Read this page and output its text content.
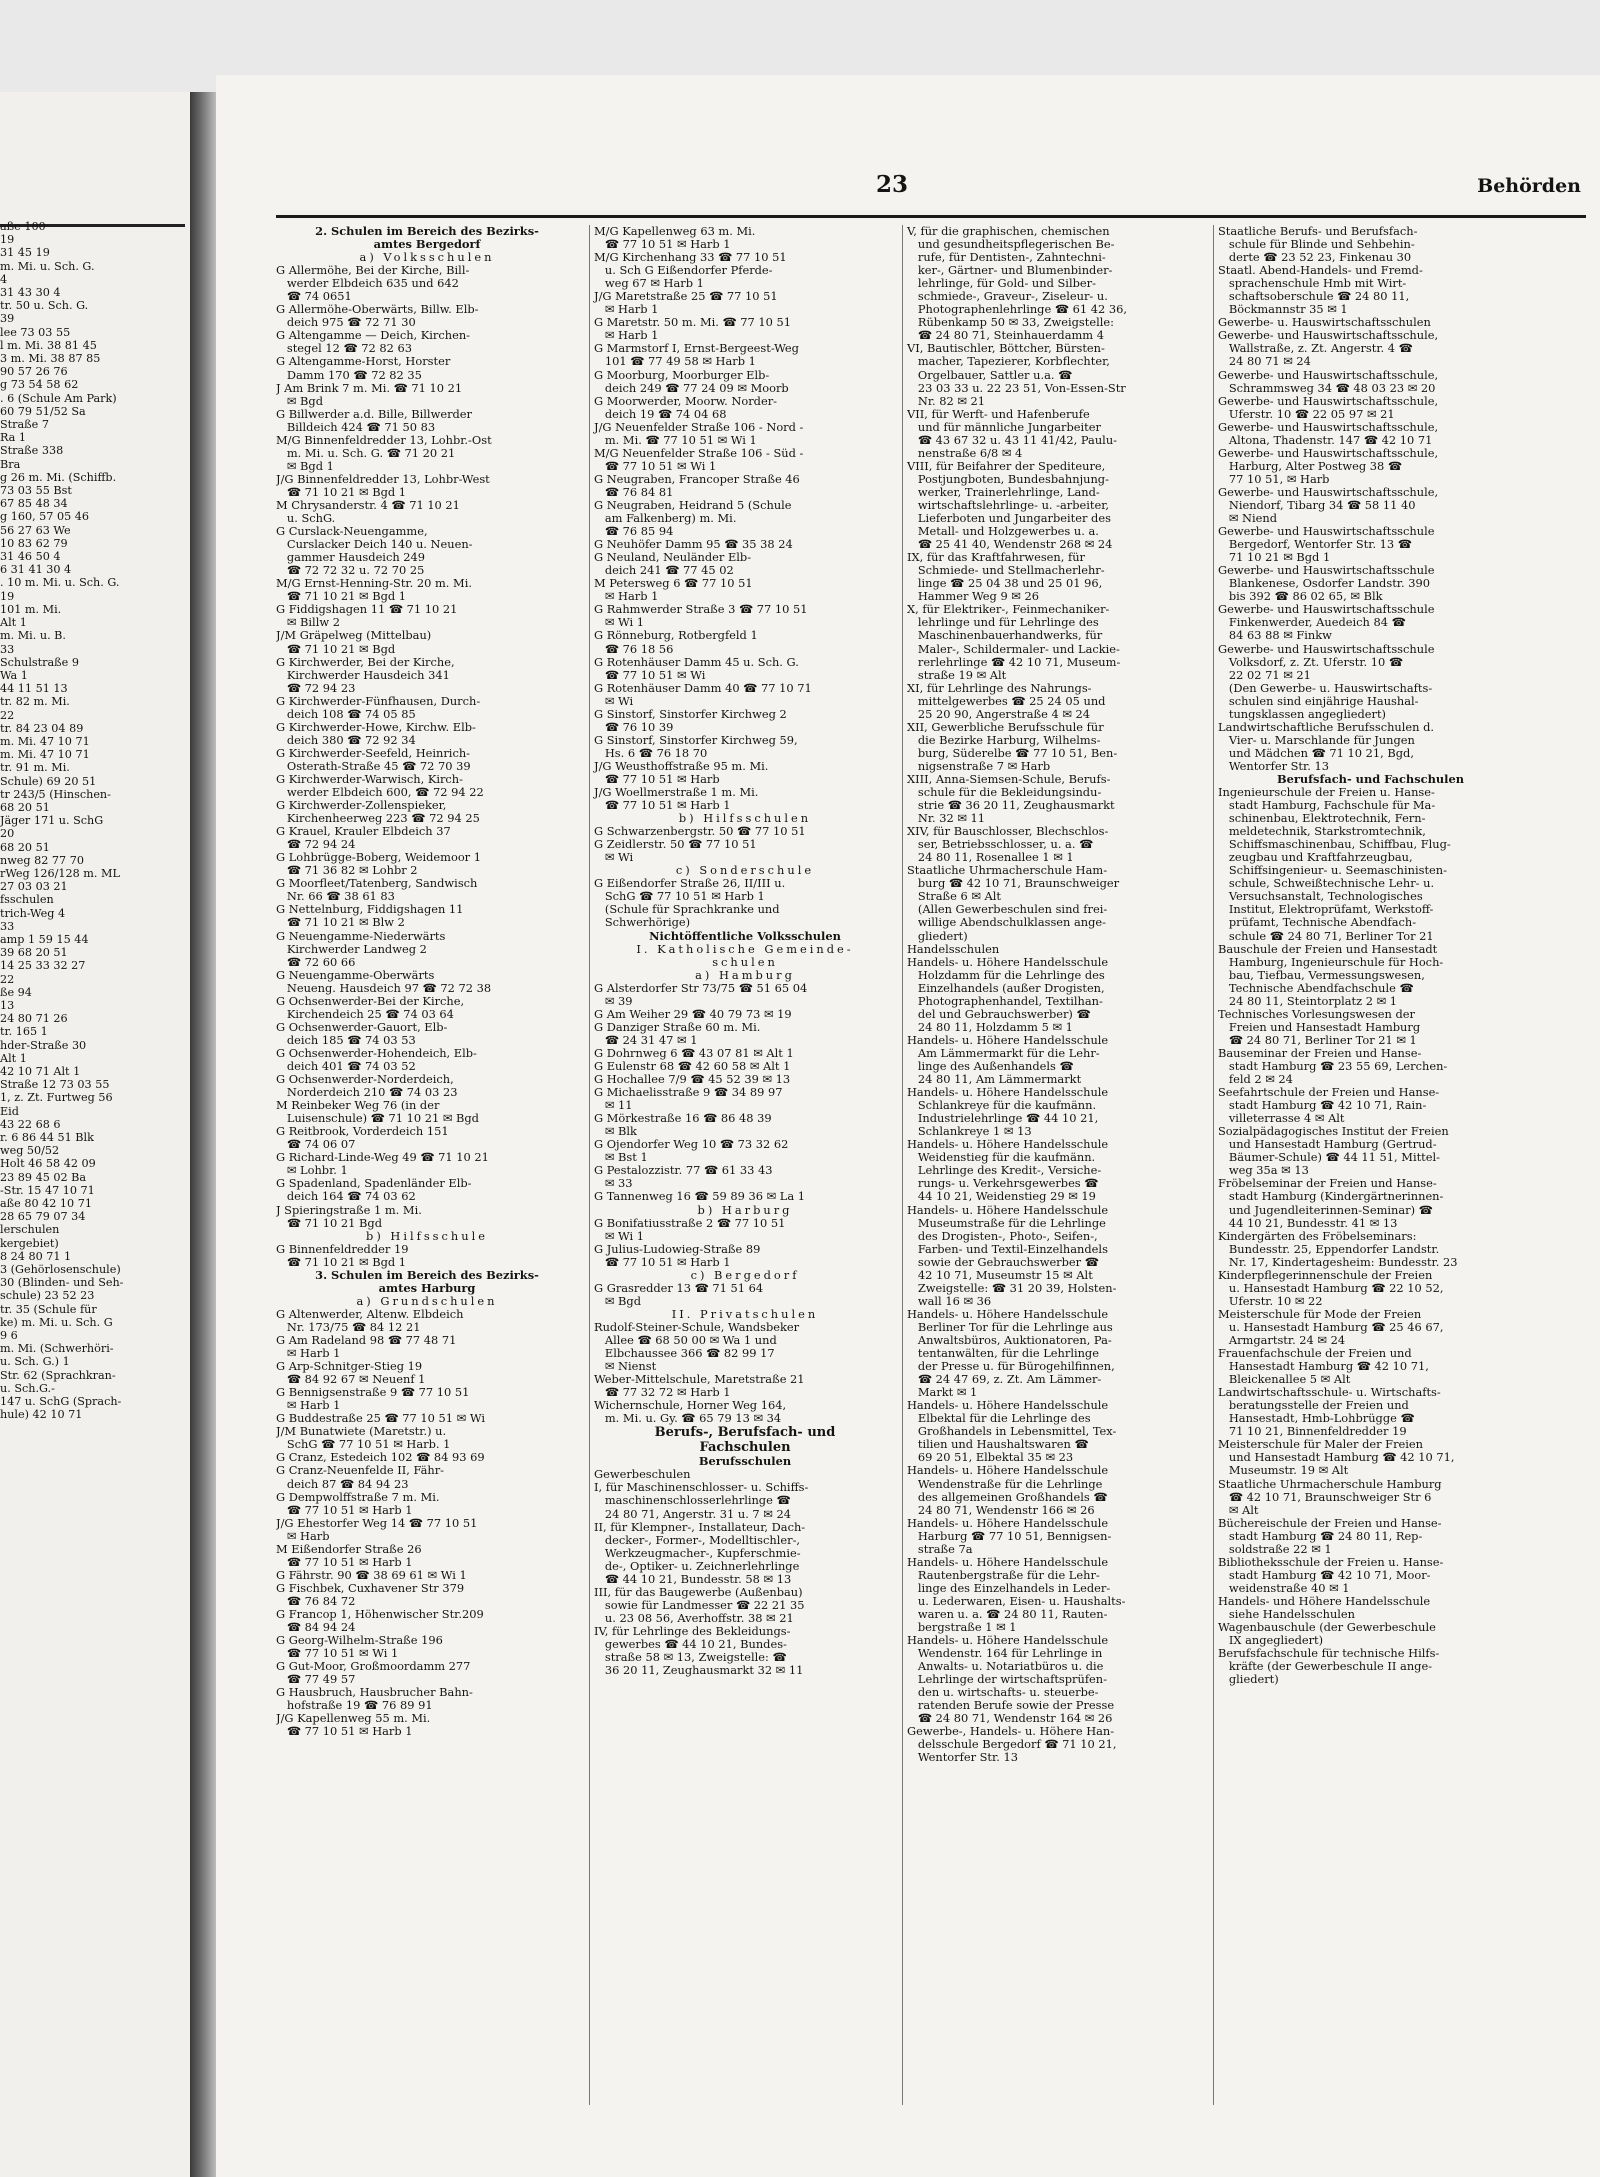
aße 100
19
31 45 19
m. Mi. u. Sch. G.
4
31 43 30 4
tr. 50 u. Sch. G.
39
lee 73 03 55
l m. Mi. 38 81 45
3 m. Mi. 38 87 85
90 57 26 76
g 73 54 58 62
. 6 (Schule Am Park)
60 79 51/52 Sa
Straße 7
Ra 1
Straße 338
Bra
g 26 m. Mi. (Schiffb.
73 03 55 Bst
67 85 48 34
g 160, 57 05 46
56 27 63 We
10 83 62 79
31 46 50 4
6 31 41 30 4
. 10 m. Mi. u. Sch. G.
19
101 m. Mi.
Alt 1
m. Mi. u. B.
33
Schulstraße 9
Wa 1
44 11 51 13
tr. 82 m. Mi.
22
tr. 84 23 04 89
m. Mi. 47 10 71
m. Mi. 47 10 71
tr. 91 m. Mi.
Schule) 69 20 51
tr 243/5 (Hinschen-
68 20 51
Jäger 171 u. SchG
20
68 20 51
nweg 82 77 70
rWeg 126/128 m. ML
27 03 03 21
fsschulen
trich-Weg 4
33
amp 1 59 15 44
39 68 20 51
14 25 33 32 27
22
ße 94
13
24 80 71 26
tr. 165 1
hder-Straße 30
Alt 1
42 10 71 Alt 1
Straße 12 73 03 55
1, z. Zt. Furtweg 56
Eid
43 22 68 6
r. 6 86 44 51 Blk
weg 50/52
Holt 46 58 42 09
23 89 45 02 Ba
-Str. 15 47 10 71
aße 80 42 10 71
28 65 79 07 34
lerschulen
kergebiet)
8 24 80 71 1
3 (Gehörlosenschule)
30 (Blinden- und Seh-
schule) 23 52 23
tr. 35 (Schule für
ke) m. Mi. u. Sch. G
9 6
m. Mi. (Schwerhöri-
u. Sch. G.) 1
Str. 62 (Sprachkran-
u. Sch.G.-
147 u. SchG (Sprach-
hule) 42 10 71
23	Behörden
2. Schulen im Bereich des Bezirks-
amtes Bergedorf
a) Volksschulen
G Allermöhe, Bei der Kirche, Bill-
werder Elbdeich 635 und 642
☎ 74 0651
G Allermöhe-Oberwärts, Billw. Elb-
deich 975 ☎ 72 71 30
G Altengamme — Deich, Kirchen-
stegel 12 ☎ 72 82 63
G Altengamme-Horst, Horster
Damm 170 ☎ 72 82 35
J Am Brink 7 m. Mi. ☎ 71 10 21
✉ Bgd
G Billwerder a.d. Bille, Billwerder
Billdeich 424 ☎ 71 50 83
M/G Binnenfeldredder 13, Lohbr.-Ost
m. Mi. u. Sch. G. ☎ 71 20 21
✉ Bgd 1
J/G Binnenfeldredder 13, Lohbr-West
☎ 71 10 21 ✉ Bgd 1
M Chrysanderstr. 4 ☎ 71 10 21
u. SchG.
G Curslack-Neuengamme,
Curslacker Deich 140 u. Neuen-
gammer Hausdeich 249
☎ 72 72 32 u. 72 70 25
M/G Ernst-Henning-Str. 20 m. Mi.
☎ 71 10 21 ✉ Bgd 1
G Fiddigshagen 11 ☎ 71 10 21
✉ Billw 2
J/M Gräpelweg (Mittelbau)
☎ 71 10 21 ✉ Bgd
G Kirchwerder, Bei der Kirche,
Kirchwerder Hausdeich 341
☎ 72 94 23
G Kirchwerder-Fünfhausen, Durch-
deich 108 ☎ 74 05 85
G Kirchwerder-Howe, Kirchw. Elb-
deich 380 ☎ 72 92 34
G Kirchwerder-Seefeld, Heinrich-
Osterath-Straße 45 ☎ 72 70 39
G Kirchwerder-Warwisch, Kirch-
werder Elbdeich 600, ☎ 72 94 22
G Kirchwerder-Zollenspieker,
Kirchenheerweg 223 ☎ 72 94 25
G Krauel, Krauler Elbdeich 37
☎ 72 94 24
G Lohbrügge-Boberg, Weidemoor 1
☎ 71 36 82 ✉ Lohbr 2
G Moorfleet/Tatenberg, Sandwisch
Nr. 66 ☎ 38 61 83
G Nettelnburg, Fiddigshagen 11
☎ 71 10 21 ✉ Blw 2
G Neuengamme-Niederwärts
Kirchwerder Landweg 2
☎ 72 60 66
G Neuengamme-Oberwärts
Neueng. Hausdeich 97 ☎ 72 72 38
G Ochsenwerder-Bei der Kirche,
Kirchendeich 25 ☎ 74 03 64
G Ochsenwerder-Gauort, Elb-
deich 185 ☎ 74 03 53
G Ochsenwerder-Hohendeich, Elb-
deich 401 ☎ 74 03 52
G Ochsenwerder-Norderdeich,
Norderdeich 210 ☎ 74 03 23
M Reinbeker Weg 76 (in der
Luisenschule) ☎ 71 10 21 ✉ Bgd
G Reitbrook, Vorderdeich 151
☎ 74 06 07
G Richard-Linde-Weg 49 ☎ 71 10 21
✉ Lohbr. 1
G Spadenland, Spadenländer Elb-
deich 164 ☎ 74 03 62
J Spieringstraße 1 m. Mi.
☎ 71 10 21 Bgd
b) Hilfsschule
G Binnenfeldredder 19
☎ 71 10 21 ✉ Bgd 1
3. Schulen im Bereich des Bezirks-
amtes Harburg
a) Grundschulen
G Altenwerder, Altenw. Elbdeich
Nr. 173/75 ☎ 84 12 21
G Am Radeland 98 ☎ 77 48 71
✉ Harb 1
G Arp-Schnitger-Stieg 19
☎ 84 92 67 ✉ Neuenf 1
G Bennigsenstraße 9 ☎ 77 10 51
✉ Harb 1
G Buddestraße 25 ☎ 77 10 51 ✉ Wi
J/M Bunatwiete (Maretstr.) u.
SchG ☎ 77 10 51 ✉ Harb. 1
G Cranz, Estedeich 102 ☎ 84 93 69
G Cranz-Neuenfelde II, Fähr-
deich 87 ☎ 84 94 23
G Dempwolffstraße 7 m. Mi.
☎ 77 10 51 ✉ Harb 1
J/G Ehestorfer Weg 14 ☎ 77 10 51
✉ Harb
M Eißendorfer Straße 26
☎ 77 10 51 ✉ Harb 1
G Fährstr. 90 ☎ 38 69 61 ✉ Wi 1
G Fischbek, Cuxhavener Str 379
☎ 76 84 72
G Francop 1, Höhenwischer Str.209
☎ 84 94 24
G Georg-Wilhelm-Straße 196
☎ 77 10 51 ✉ Wi 1
G Gut-Moor, Großmoordamm 277
☎ 77 49 57
G Hausbruch, Hausbrucher Bahn-
hofstraße 19 ☎ 76 89 91
J/G Kapellenweg 55 m. Mi.
☎ 77 10 51 ✉ Harb 1
M/G Kapellenweg 63 m. Mi.
☎ 77 10 51 ✉ Harb 1
M/G Kirchenhang 33 ☎ 77 10 51
u. Sch G Eißendorfer Pferde-
weg 67 ✉ Harb 1
J/G Maretstraße 25 ☎ 77 10 51
✉ Harb 1
G Maretstr. 50 m. Mi. ☎ 77 10 51
✉ Harb 1
G Marmstorf I, Ernst-Bergeest-Weg
101 ☎ 77 49 58 ✉ Harb 1
G Moorburg, Moorburger Elb-
deich 249 ☎ 77 24 09 ✉ Moorb
G Moorwerder, Moorw. Norder-
deich 19 ☎ 74 04 68
J/G Neuenfelder Straße 106 - Nord -
m. Mi. ☎ 77 10 51 ✉ Wi 1
M/G Neuenfelder Straße 106 - Süd -
☎ 77 10 51 ✉ Wi 1
G Neugraben, Francoper Straße 46
☎ 76 84 81
G Neugraben, Heidrand 5 (Schule
am Falkenberg) m. Mi.
☎ 76 85 94
G Neuhöfer Damm 95 ☎ 35 38 24
G Neuland, Neuländer Elb-
deich 241 ☎ 77 45 02
M Petersweg 6 ☎ 77 10 51
✉ Harb 1
G Rahmwerder Straße 3 ☎ 77 10 51
✉ Wi 1
G Rönneburg, Rotbergfeld 1
☎ 76 18 56
G Rotenhäuser Damm 45 u. Sch. G.
☎ 77 10 51 ✉ Wi
G Rotenhäuser Damm 40 ☎ 77 10 71
✉ Wi
G Sinstorf, Sinstorfer Kirchweg 2
☎ 76 10 39
G Sinstorf, Sinstorfer Kirchweg 59,
Hs. 6 ☎ 76 18 70
J/G Weusthoffstraße 95 m. Mi.
☎ 77 10 51 ✉ Harb
J/G Woellmerstraße 1 m. Mi.
☎ 77 10 51 ✉ Harb 1
b) Hilfsschulen
G Schwarzenbergstr. 50 ☎ 77 10 51
G Zeidlerstr. 50 ☎ 77 10 51
✉ Wi
c) Sonderschule
G Eißendorfer Straße 26, II/III u.
SchG ☎ 77 10 51 ✉ Harb 1
(Schule für Sprachkranke und
Schwerhörige)
Nichtöffentliche Volksschulen
I. Katholische Gemeinde-
schulen
a) Hamburg
G Alsterdorfer Str 73/75 ☎ 51 65 04
✉ 39
G Am Weiher 29 ☎ 40 79 73 ✉ 19
G Danziger Straße 60 m. Mi.
☎ 24 31 47 ✉ 1
G Dohrnweg 6 ☎ 43 07 81 ✉ Alt 1
G Eulenstr 68 ☎ 42 60 58 ✉ Alt 1
G Hochallee 7/9 ☎ 45 52 39 ✉ 13
G Michaelisstraße 9 ☎ 34 89 97
✉ 11
G Mörkestraße 16 ☎ 86 48 39
✉ Blk
G Ojendorfer Weg 10 ☎ 73 32 62
✉ Bst 1
G Pestalozzistr. 77 ☎ 61 33 43
✉ 33
G Tannenweg 16 ☎ 59 89 36 ✉ La 1
b) Harburg
G Bonifatiusstraße 2 ☎ 77 10 51
✉ Wi 1
G Julius-Ludowieg-Straße 89
☎ 77 10 51 ✉ Harb 1
c) Bergedorf
G Grasredder 13 ☎ 71 51 64
✉ Bgd
II. Privatschulen
Rudolf-Steiner-Schule, Wandsbeker
Allee ☎ 68 50 00 ✉ Wa 1 und
Elbchaussee 366 ☎ 82 99 17
✉ Nienst
Weber-Mittelschule, Maretstraße 21
☎ 77 32 72 ✉ Harb 1
Wichernschule, Horner Weg 164,
m. Mi. u. Gy. ☎ 65 79 13 ✉ 34
Berufs-, Berufsfach- und
Fachschulen
Berufsschulen
Gewerbeschulen
I, für Maschinenschlosser- u. Schiffs-
maschinenschlosserlehrlinge ☎
24 80 71, Angerstr. 31 u. 7 ✉ 24
II, für Klempner-, Installateur, Dach-
decker-, Former-, Modelltischler-,
Werkzeugmacher-, Kupferschmie-
de-, Optiker- u. Zeichnerlehrlinge
☎ 44 10 21, Bundesstr. 58 ✉ 13
III, für das Baugewerbe (Außenbau)
sowie für Landmesser ☎ 22 21 35
u. 23 08 56, Averhoffstr. 38 ✉ 21
IV, für Lehrlinge des Bekleidungs-
gewerbes ☎ 44 10 21, Bundes-
straße 58 ✉ 13, Zweigstelle: ☎
36 20 11, Zeughausmarkt 32 ✉ 11
V, für die graphischen, chemischen
und gesundheitspflegerischen Be-
rufe, für Dentisten-, Zahntechni-
ker-, Gärtner- und Blumenbinder-
lehrlinge, für Gold- und Silber-
schmiede-, Graveur-, Ziseleur- u.
Photographenlehrlinge ☎ 61 42 36,
Rübenkamp 50 ✉ 33, Zweigstelle:
☎ 24 80 71, Steinhauerdamm 4
VI, Bautischler, Böttcher, Bürsten-
macher, Tapezierer, Korbflechter,
Orgelbauer, Sattler u.a. ☎
23 03 33 u. 22 23 51, Von-Essen-Str
Nr. 82 ✉ 21
VII, für Werft- und Hafenberufe
und für männliche Jungarbeiter
☎ 43 67 32 u. 43 11 41/42, Paulu-
nenstraße 6/8 ✉ 4
VIII, für Beifahrer der Spediteure,
Postjungboten, Bundesbahnjung-
werker, Trainerlehrlinge, Land-
wirtschaftslehrlinge- u. -arbeiter,
Lieferboten und Jungarbeiter des
Metall- und Holzgewerbes u. a.
☎ 25 41 40, Wendenstr 268 ✉ 24
IX, für das Kraftfahrwesen, für
Schmiede- und Stellmacherlehr-
linge ☎ 25 04 38 und 25 01 96,
Hammer Weg 9 ✉ 26
X, für Elektriker-, Feinmechaniker-
lehrlinge und für Lehrlinge des
Maschinenbauerhandwerks, für
Maler-, Schildermaler- und Lackie-
rerlehrlinge ☎ 42 10 71, Museum-
straße 19 ✉ Alt
XI, für Lehrlinge des Nahrungs-
mittelgewerbes ☎ 25 24 05 und
25 20 90, Angerstraße 4 ✉ 24
XII, Gewerbliche Berufsschule für
die Bezirke Harburg, Wilhelms-
burg, Süderelbe ☎ 77 10 51, Ben-
nigsenstraße 7 ✉ Harb
XIII, Anna-Siemsen-Schule, Berufs-
schule für die Bekleidungsindu-
strie ☎ 36 20 11, Zeughausmarkt
Nr. 32 ✉ 11
XIV, für Bauschlosser, Blechschlos-
ser, Betriebsschlosser, u. a. ☎
24 80 11, Rosenallee 1 ✉ 1
Staatliche Uhrmacherschule Ham-
burg ☎ 42 10 71, Braunschweiger
Straße 6 ✉ Alt
(Allen Gewerbeschulen sind frei-
willige Abendschulklassen ange-
gliedert)
Handelsschulen
Handels- u. Höhere Handelsschule
Holzdamm für die Lehrlinge des
Einzelhandels (außer Drogisten,
Photographenhandel, Textilhan-
del und Gebrauchswerber) ☎
24 80 11, Holzdamm 5 ✉ 1
Handels- u. Höhere Handelsschule
Am Lämmermarkt für die Lehr-
linge des Außenhandels ☎
24 80 11, Am Lämmermarkt
Handels- u. Höhere Handelsschule
Schlankreye für die kaufmänn.
Industrielehrlinge ☎ 44 10 21,
Schlankreye 1 ✉ 13
Handels- u. Höhere Handelsschule
Weidenstieg für die kaufmänn.
Lehrlinge des Kredit-, Versiche-
rungs- u. Verkehrsgewerbes ☎
44 10 21, Weidenstieg 29 ✉ 19
Handels- u. Höhere Handelsschule
Museumstraße für die Lehrlinge
des Drogisten-, Photo-, Seifen-,
Farben- und Textil-Einzelhandels
sowie der Gebrauchswerber ☎
42 10 71, Museumstr 15 ✉ Alt
Zweigstelle: ☎ 31 20 39, Holsten-
wall 16 ✉ 36
Handels- u. Höhere Handelsschule
Berliner Tor für die Lehrlinge aus
Anwaltsbüros, Auktionatoren, Pa-
tentanwälten, für die Lehrlinge
der Presse u. für Bürogehilfinnen,
☎ 24 47 69, z. Zt. Am Lämmer-
Markt ✉ 1
Handels- u. Höhere Handelsschule
Elbektal für die Lehrlinge des
Großhandels in Lebensmittel, Tex-
tilien und Haushaltswaren ☎
69 20 51, Elbektal 35 ✉ 23
Handels- u. Höhere Handelsschule
Wendenstraße für die Lehrlinge
des allgemeinen Großhandels ☎
24 80 71, Wendenstr 166 ✉ 26
Handels- u. Höhere Handelsschule
Harburg ☎ 77 10 51, Bennigsen-
straße 7a
Handels- u. Höhere Handelsschule
Rautenbergstraße für die Lehr-
linge des Einzelhandels in Leder-
u. Lederwaren, Eisen- u. Haushalts-
waren u. a. ☎ 24 80 11, Rauten-
bergstraße 1 ✉ 1
Handels- u. Höhere Handelsschule
Wendenstr. 164 für Lehrlinge in
Anwalts- u. Notariatbüros u. die
Lehrlinge der wirtschaftsprüfen-
den u. wirtschafts- u. steuerbe-
ratenden Berufe sowie der Presse
☎ 24 80 71, Wendenstr 164 ✉ 26
Gewerbe-, Handels- u. Höhere Han-
delsschule Bergedorf ☎ 71 10 21,
Wentorfer Str. 13
Staatliche Berufs- und Berufsfach-
schule für Blinde und Sehbehin-
derte ☎ 23 52 23, Finkenau 30
Staatl. Abend-Handels- und Fremd-
sprachenschule Hmb mit Wirt-
schaftsoberschule ☎ 24 80 11,
Böckmannstr 35 ✉ 1
Gewerbe- u. Hauswirtschaftsschulen
Gewerbe- und Hauswirtschaftsschule,
Wallstraße, z. Zt. Angerstr. 4 ☎
24 80 71 ✉ 24
Gewerbe- und Hauswirtschaftsschule,
Schrammsweg 34 ☎ 48 03 23 ✉ 20
Gewerbe- und Hauswirtschaftsschule,
Uferstr. 10 ☎ 22 05 97 ✉ 21
Gewerbe- und Hauswirtschaftsschule,
Altona, Thadenstr. 147 ☎ 42 10 71
Gewerbe- und Hauswirtschaftsschule,
Harburg, Alter Postweg 38 ☎
77 10 51, ✉ Harb
Gewerbe- und Hauswirtschaftsschule,
Niendorf, Tibarg 34 ☎ 58 11 40
✉ Niend
Gewerbe- und Hauswirtschaftsschule
Bergedorf, Wentorfer Str. 13 ☎
71 10 21 ✉ Bgd 1
Gewerbe- und Hauswirtschaftsschule
Blankenese, Osdorfer Landstr. 390
bis 392 ☎ 86 02 65, ✉ Blk
Gewerbe- und Hauswirtschaftsschule
Finkenwerder, Auedeich 84 ☎
84 63 88 ✉ Finkw
Gewerbe- und Hauswirtschaftsschule
Volksdorf, z. Zt. Uferstr. 10 ☎
22 02 71 ✉ 21
(Den Gewerbe- u. Hauswirtschafts-
schulen sind einjährige Haushal-
tungsklassen angegliedert)
Landwirtschaftliche Berufsschulen d.
Vier- u. Marschlande für Jungen
und Mädchen ☎ 71 10 21, Bgd,
Wentorfer Str. 13
Berufsfach- und Fachschulen
Ingenieurschule der Freien u. Hanse-
stadt Hamburg, Fachschule für Ma-
schinenbau, Elektrotechnik, Fern-
meldetechnik, Starkstromtechnik,
Schiffsmaschinenbau, Schiffbau, Flug-
zeugbau und Kraftfahrzeugbau,
Schiffsingenieur- u. Seemaschinisten-
schule, Schweißtechnische Lehr- u.
Versuchsanstalt, Technologisches
Institut, Elektroprüfamt, Werkstoff-
prüfamt, Technische Abendfach-
schule ☎ 24 80 71, Berliner Tor 21
Bauschule der Freien und Hansestadt
Hamburg, Ingenieurschule für Hoch-
bau, Tiefbau, Vermessungswesen,
Technische Abendfachschule ☎
24 80 11, Steintorplatz 2 ✉ 1
Technisches Vorlesungswesen der
Freien und Hansestadt Hamburg
☎ 24 80 71, Berliner Tor 21 ✉ 1
Bauseminar der Freien und Hanse-
stadt Hamburg ☎ 23 55 69, Lerchen-
feld 2 ✉ 24
Seefahrtschule der Freien und Hanse-
stadt Hamburg ☎ 42 10 71, Rain-
villeterrasse 4 ✉ Alt
Sozialpädagogisches Institut der Freien
und Hansestadt Hamburg (Gertrud-
Bäumer-Schule) ☎ 44 11 51, Mittel-
weg 35a ✉ 13
Fröbelseminar der Freien und Hanse-
stadt Hamburg (Kindergärtnerinnen-
und Jugendleiterinnen-Seminar) ☎
44 10 21, Bundesstr. 41 ✉ 13
Kindergärten des Fröbelseminars:
Bundesstr. 25, Eppendorfer Landstr.
Nr. 17, Kindertagesheim: Bundesstr. 23
Kinderpflegerinnenschule der Freien
u. Hansestadt Hamburg ☎ 22 10 52,
Uferstr. 10 ✉ 22
Meisterschule für Mode der Freien
u. Hansestadt Hamburg ☎ 25 46 67,
Armgartstr. 24 ✉ 24
Frauenfachschule der Freien und
Hansestadt Hamburg ☎ 42 10 71,
Bleickenallee 5 ✉ Alt
Landwirtschaftsschule- u. Wirtschafts-
beratungsstelle der Freien und
Hansestadt, Hmb-Lohbrügge ☎
71 10 21, Binnenfeldredder 19
Meisterschule für Maler der Freien
und Hansestadt Hamburg ☎ 42 10 71,
Museumstr. 19 ✉ Alt
Staatliche Uhrmacherschule Hamburg
☎ 42 10 71, Braunschweiger Str 6
✉ Alt
Büchereischule der Freien und Hanse-
stadt Hamburg ☎ 24 80 11, Rep-
soldstraße 22 ✉ 1
Bibliotheksschule der Freien u. Hanse-
stadt Hamburg ☎ 42 10 71, Moor-
weidenstraße 40 ✉ 1
Handels- und Höhere Handelsschule
siehe Handelsschulen
Wagenbauschule (der Gewerbeschule
IX angegliedert)
Berufsfachschule für technische Hilfs-
kräfte (der Gewerbeschule II ange-
gliedert)
